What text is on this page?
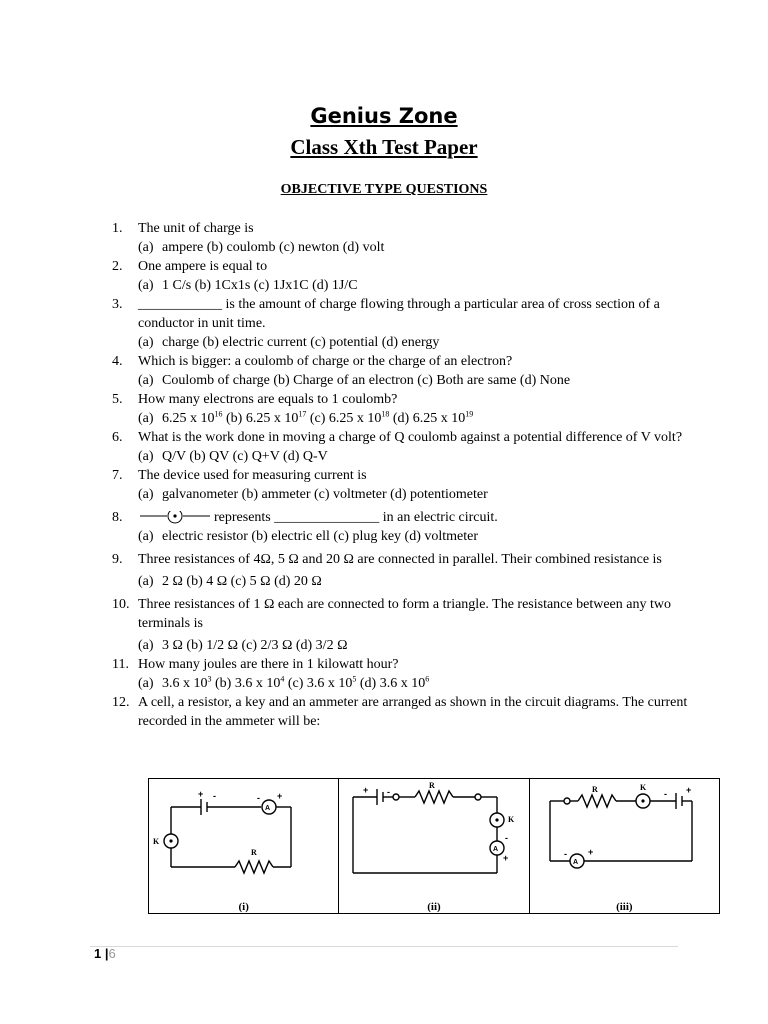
Genius Zone
Class Xth Test Paper
OBJECTIVE TYPE QUESTIONS
1.	The unit of charge is
(a) ampere (b) coulomb (c) newton (d) volt
2.	One ampere is equal to
(a) 1 C/s (b) 1Cx1s (c) 1Jx1C (d) 1J/C
3.	____________ is the amount of charge flowing through a particular area of cross section of a conductor in unit time.
(a) charge (b) electric current (c) potential (d) energy
4.	Which is bigger: a coulomb of charge or the charge of an electron?
(a) Coulomb of charge (b) Charge of an electron (c) Both are same (d) None
5.	How many electrons are equals to 1 coulomb?
(a) 6.25 x $10^{16}$ (b) 6.25 x $10^{17}$ (c) 6.25 x $10^{18}$ (d) 6.25 x $10^{19}$
6.	What is the work done in moving a charge of Q coulomb against a potential difference of V volt?
(a) Q/V (b) QV (c) Q+V (d) Q-V
7.	The device used for measuring current is
(a) galvanometer (b) ammeter (c) voltmeter (d) potentiometer
8.	represents _______________ in an electric circuit.
(a) electric resistor (b) electric ell (c) plug key (d) voltmeter
9.	Three resistances of 4Ω, 5 Ω and 20 Ω are connected in parallel. Their combined resistance is
(a) 2 Ω (b) 4 Ω (c) 5 Ω (d) 20 Ω
10. Three resistances of 1 Ω each are connected to form a triangle. The resistance between any two terminals is
(a) 3 Ω (b) 1/2 Ω (c) 2/3 Ω (d) 3/2 Ω
11. How many joules are there in 1 kilowatt hour?
(a) 3.6 x $10^3$ (b) 3.6 x $10^4$ (c) 3.6 x $10^5$ (d) 3.6 x $10^6$
12. A cell, a resistor, a key and an ammeter are arranged as shown in the circuit diagrams. The current recorded in the ammeter will be:
A
+ -	- +
K
R
(i)
A
+ -
R
K
-
+
(ii)
A
R	K
- +
- +
(iii)
1 |6
